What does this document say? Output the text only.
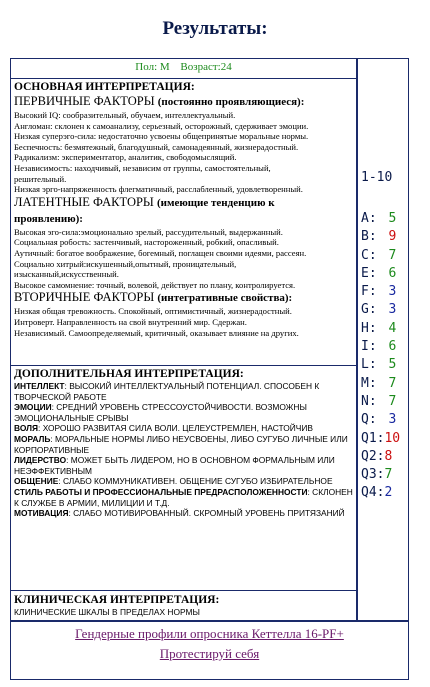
Результаты:
Пол: М Возраст:24
ОСНОВНАЯ ИНТЕРПРЕТАЦИЯ:
ПЕРВИЧНЫЕ ФАКТОРЫ (постоянно проявляющиеся):
Высокий IQ: сообразительный, обучаем, интеллектуальный.
Англоман: склонен к самоанализу, серьезный, осторожный, сдерживает эмоции.
Низкая суперэго-сила: недостаточно усвоены общепринятые моральные нормы.
Беспечность: безмятежный, благодушный, самонадеянный, жизнерадостный.
Радикализм: экспериментатор, аналитик, свободомыслящий.
Независимость: находчивый, независим от группы, самостоятельный,
решительный.
Низкая эрго-напряженность флегматичный, расслабленный, удовлетворенный.
ЛАТЕНТНЫЕ ФАКТОРЫ (имеющие тенденцию к
проявлению):
Высокая эго-сила:эмоционально зрелый, рассудительный, выдержанный.
Социальная робость: застенчивый, настороженный, робкий, опасливый.
Аутичный: богатое воображение, богемный, поглащен своими идеями, рассеян.
Социально хитрый:искушенный,опытный, проницательный,
изысканный,искусственный.
Высокое самомнение: точный, волевой, действует по плану, контролируется.
ВТОРИЧНЫЕ ФАКТОРЫ (интегративные свойства):
Низкая общая тревожность. Спокойный, оптимистичный, жизнерадостный.
Интроверт. Направленность на свой внутренний мир. Сдержан.
Независимый. Самоопределяемый, критичный, оказывает влияние на других.
ДОПОЛНИТЕЛЬНАЯ ИНТЕРПРЕТАЦИЯ:
ИНТЕЛЛЕКТ: ВЫСОКИЙ ИНТЕЛЛЕКТУАЛЬНЫЙ ПОТЕНЦИАЛ. СПОСОБЕН К ТВОРЧЕСКОЙ РАБОТЕ
ЭМОЦИИ: СРЕДНИЙ УРОВЕНЬ СТРЕССОУСТОЙЧИВОСТИ. ВОЗМОЖНЫ ЭМОЦИОНАЛЬНЫЕ СРЫВЫ
ВОЛЯ: ХОРОШО РАЗВИТАЯ СИЛА ВОЛИ. ЦЕЛЕУСТРЕМЛЕН, НАСТОЙЧИВ
МОРАЛЬ: МОРАЛЬНЫЕ НОРМЫ ЛИБО НЕУСВОЕНЫ, ЛИБО СУГУБО ЛИЧНЫЕ ИЛИ КОРПОРАТИВНЫЕ
ЛИДЕРСТВО: МОЖЕТ БЫТЬ ЛИДЕРОМ, НО В ОСНОВНОМ ФОРМАЛЬНЫМ ИЛИ НЕЭФФЕКТИВНЫМ
ОБЩЕНИЕ: СЛАБО КОММУНИКАТИВЕН. ОБЩЕНИЕ СУГУБО ИЗБИРАТЕЛЬНОЕ
СТИЛЬ РАБОТЫ И ПРОФЕССИОНАЛЬНЫЕ ПРЕДРАСПОЛОЖЕННОСТИ: СКЛОНЕН К СЛУЖБЕ В АРМИИ, МИЛИЦИИ И Т.Д.
МОТИВАЦИЯ: СЛАБО МОТИВИРОВАННЫЙ. СКРОМНЫЙ УРОВЕНЬ ПРИТЯЗАНИЙ
КЛИНИЧЕСКАЯ ИНТЕРПРЕТАЦИЯ:
КЛИНИЧЕСКИЕ ШКАЛЫ В ПРЕДЕЛАХ НОРМЫ
1-10
A: 5
B: 9
C: 7
E: 6
F: 3
G: 3
H: 4
I: 6
L: 5
M: 7
N: 7
Q: 3
Q1:10
Q2:8
Q3:7
Q4:2
Гендерные профили опросника Кеттелла 16-PF+
Протестируй себя
